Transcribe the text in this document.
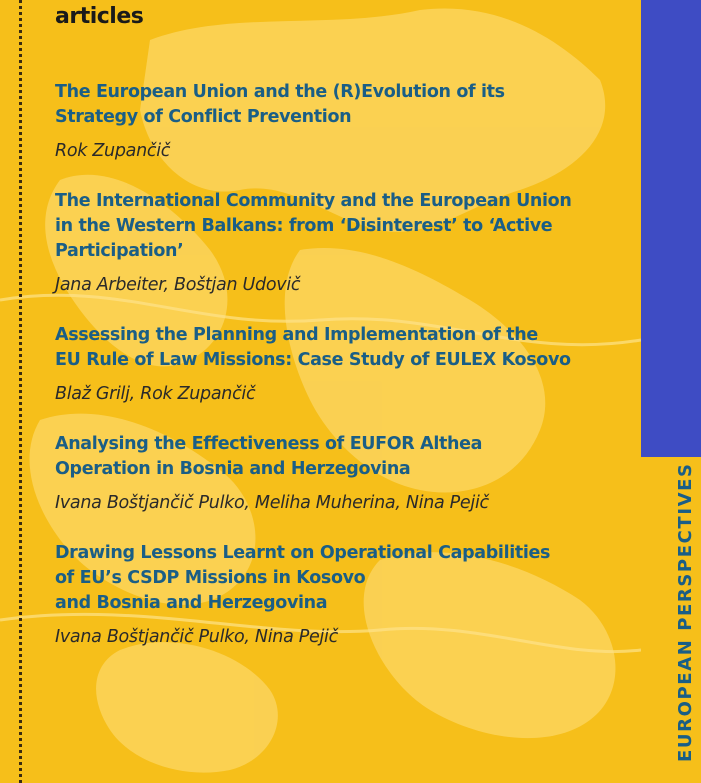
articles
The European Union and the (R)Evolution of its
Strategy of Conflict Prevention
Rok Zupančič
The International Community and the European Union
in the Western Balkans: from ‘Disinterest’ to ‘Active
Participation’
Jana Arbeiter, Boštjan Udovič
Assessing the Planning and Implementation of the
EU Rule of Law Missions: Case Study of EULEX Kosovo
Blaž Grilj, Rok Zupančič
Analysing the Effectiveness of EUFOR Althea
Operation in Bosnia and Herzegovina
Ivana Boštjančič Pulko, Meliha Muherina, Nina Pejič
Drawing Lessons Learnt on Operational Capabilities
of EU’s CSDP Missions in Kosovo
and Bosnia and Herzegovina
Ivana Boštjančič Pulko, Nina Pejič	EUROPEAN PERSPECTIVES
